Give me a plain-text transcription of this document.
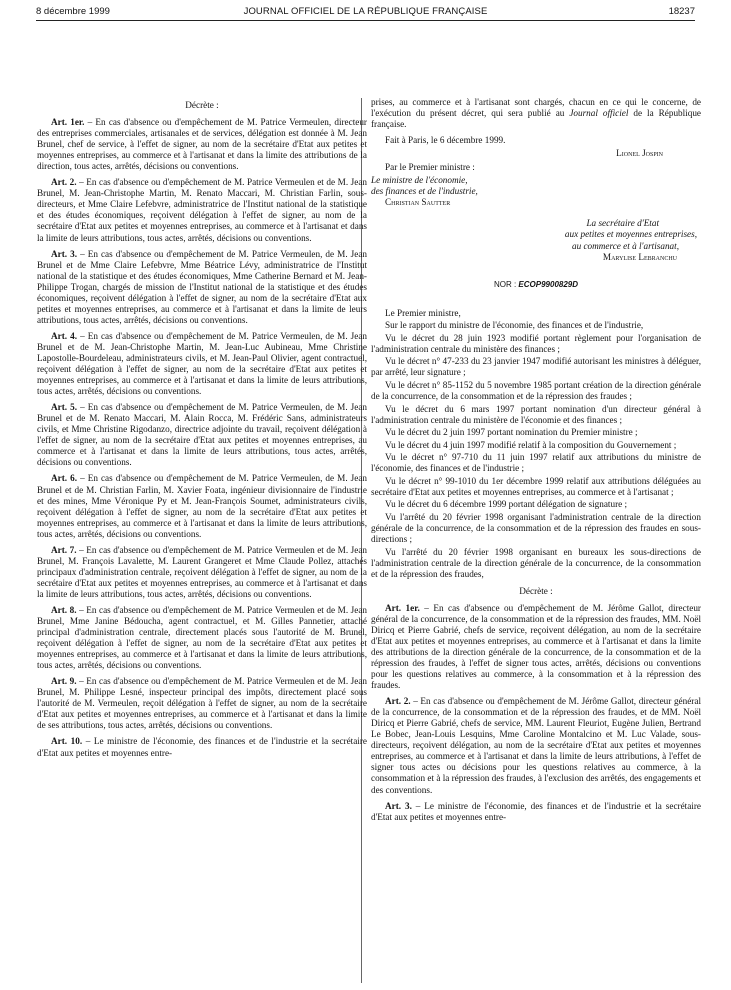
8 décembre 1999	JOURNAL OFFICIEL DE LA RÉPUBLIQUE FRANÇAISE	18237

Décrète :

Art. 1er. – En cas d'absence ou d'empêchement de M. Patrice Vermeulen, directeur des entreprises commerciales, artisanales et de services, délégation est donnée à M. Jean Brunel, chef de service, à l'effet de signer, au nom de la secrétaire d'Etat aux petites et moyennes entreprises, au commerce et à l'artisanat et dans la limite des attributions de la direction, tous actes, arrêtés, décisions ou conventions.

Art. 2. – En cas d'absence ou d'empêchement de M. Patrice Vermeulen et de M. Jean Brunel, M. Jean-Christophe Martin, M. Renato Maccari, M. Christian Farlin, sous-directeurs, et Mme Claire Lefebvre, administratrice de l'Institut national de la statistique et des études économiques, reçoivent délégation à l'effet de signer, au nom de la secrétaire d'Etat aux petites et moyennes entreprises, au commerce et à l'artisanat et dans la limite de leurs attributions, tous actes, arrêtés, décisions ou conventions.

Art. 3. – En cas d'absence ou d'empêchement de M. Patrice Vermeulen, de M. Jean Brunel et de Mme Claire Lefebvre, Mme Béatrice Lévy, administratrice de l'Institut national de la statistique et des études économiques, Mme Catherine Bernard et M. Jean-Philippe Trogan, chargés de mission de l'Institut national de la statistique et des études économiques, reçoivent délégation à l'effet de signer, au nom de la secrétaire d'Etat aux petites et moyennes entreprises, au commerce et à l'artisanat et dans la limite de leurs attributions, tous actes, arrêtés, décisions ou conventions.

Art. 4. – En cas d'absence ou d'empêchement de M. Patrice Vermeulen, de M. Jean Brunel et de M. Jean-Christophe Martin, M. Jean-Luc Aubineau, Mme Christine Lapostolle-Bourdeleau, administrateurs civils, et M. Jean-Paul Olivier, agent contractuel, reçoivent délégation à l'effet de signer, au nom de la secrétaire d'Etat aux petites et moyennes entreprises, au commerce et à l'artisanat et dans la limite de leurs attributions, tous actes, arrêtés, décisions ou conventions.

Art. 5. – En cas d'absence ou d'empêchement de M. Patrice Vermeulen, de M. Jean Brunel et de M. Renato Maccari, M. Alain Rocca, M. Frédéric Sans, administrateurs civils, et Mme Christine Rigodanzo, directrice adjointe du travail, reçoivent délégation à l'effet de signer, au nom de la secrétaire d'Etat aux petites et moyennes entreprises, au commerce et à l'artisanat et dans la limite de leurs attributions, tous actes, arrêtés, décisions ou conventions.

Art. 6. – En cas d'absence ou d'empêchement de M. Patrice Vermeulen, de M. Jean Brunel et de M. Christian Farlin, M. Xavier Foata, ingénieur divisionnaire de l'industrie et des mines, Mme Véronique Py et M. Jean-François Soumet, administrateurs civils, reçoivent délégation à l'effet de signer, au nom de la secrétaire d'Etat aux petites et moyennes entreprises, au commerce et à l'artisanat et dans la limite de leurs attributions, tous actes, arrêtés, décisions ou conventions.

Art. 7. – En cas d'absence ou d'empêchement de M. Patrice Vermeulen et de M. Jean Brunel, M. François Lavalette, M. Laurent Grangeret et Mme Claude Pollez, attachés principaux d'administration centrale, reçoivent délégation à l'effet de signer, au nom de la secrétaire d'Etat aux petites et moyennes entreprises, au commerce et à l'artisanat et dans la limite de leurs attributions, tous actes, arrêtés, décisions ou conventions.

Art. 8. – En cas d'absence ou d'empêchement de M. Patrice Vermeulen et de M. Jean Brunel, Mme Janine Bédoucha, agent contractuel, et M. Gilles Pannetier, attaché principal d'administration centrale, directement placés sous l'autorité de M. Brunel, reçoivent délégation à l'effet de signer, au nom de la secrétaire d'Etat aux petites et moyennes entreprises, au commerce et à l'artisanat et dans la limite de leurs attributions, tous actes, arrêtés, décisions ou conventions.

Art. 9. – En cas d'absence ou d'empêchement de M. Patrice Vermeulen et de M. Jean Brunel, M. Philippe Lesné, inspecteur principal des impôts, directement placé sous l'autorité de M. Vermeulen, reçoit délégation à l'effet de signer, au nom de la secrétaire d'Etat aux petites et moyennes entreprises, au commerce et à l'artisanat et dans la limite de ses attributions, tous actes, arrêtés, décisions ou conventions.

Art. 10. – Le ministre de l'économie, des finances et de l'industrie et la secrétaire d'Etat aux petites et moyennes entre-

prises, au commerce et à l'artisanat sont chargés, chacun en ce qui le concerne, de l'exécution du présent décret, qui sera publié au Journal officiel de la République française.

Fait à Paris, le 6 décembre 1999.

Lionel Jospin

Par le Premier ministre :

Le ministre de l'économie,

des finances et de l'industrie,

Christian Sautter

La secrétaire d'Etat

aux petites et moyennes entreprises,

au commerce et à l'artisanat,

Marylise Lebranchu

NOR : ECOP9900829D

Le Premier ministre,

Sur le rapport du ministre de l'économie, des finances et de l'industrie,

Vu le décret du 28 juin 1923 modifié portant règlement pour l'organisation de l'administration centrale du ministère des finances ;

Vu le décret n° 47-233 du 23 janvier 1947 modifié autorisant les ministres à déléguer, par arrêté, leur signature ;

Vu le décret n° 85-1152 du 5 novembre 1985 portant création de la direction générale de la concurrence, de la consommation et de la répression des fraudes ;

Vu le décret du 6 mars 1997 portant nomination d'un directeur général à l'administration centrale du ministère de l'économie et des finances ;

Vu le décret du 2 juin 1997 portant nomination du Premier ministre ;

Vu le décret du 4 juin 1997 modifié relatif à la composition du Gouvernement ;

Vu le décret n° 97-710 du 11 juin 1997 relatif aux attributions du ministre de l'économie, des finances et de l'industrie ;

Vu le décret n° 99-1010 du 1er décembre 1999 relatif aux attributions déléguées au secrétaire d'Etat aux petites et moyennes entreprises, au commerce et à l'artisanat ;

Vu le décret du 6 décembre 1999 portant délégation de signature ;

Vu l'arrêté du 20 février 1998 organisant l'administration centrale de la direction générale de la concurrence, de la consommation et de la répression des fraudes en sous-directions ;

Vu l'arrêté du 20 février 1998 organisant en bureaux les sous-directions de l'administration centrale de la direction générale de la concurrence, de la consommation et de la répression des fraudes,

Décrète :

Art. 1er. – En cas d'absence ou d'empêchement de M. Jérôme Gallot, directeur général de la concurrence, de la consommation et de la répression des fraudes, MM. Noël Diricq et Pierre Gabrié, chefs de service, reçoivent délégation, au nom de la secrétaire d'Etat aux petites et moyennes entreprises, au commerce et à l'artisanat et dans la limite des attributions de la direction générale de la concurrence, de la consommation et de la répression des fraudes, à l'effet de signer tous actes, arrêtés, décisions ou conventions pour les questions relatives au commerce, à la consommation et à la répression des fraudes.

Art. 2. – En cas d'absence ou d'empêchement de M. Jérôme Gallot, directeur général de la concurrence, de la consommation et de la répression des fraudes, et de MM. Noël Diricq et Pierre Gabrié, chefs de service, MM. Laurent Fleuriot, Eugène Julien, Bertrand Le Bobec, Jean-Louis Lesquins, Mme Caroline Montalcino et M. Luc Valade, sous-directeurs, reçoivent délégation, au nom de la secrétaire d'Etat aux petites et moyennes entreprises, au commerce et à l'artisanat et dans la limite de leurs attributions, à l'effet de signer tous actes ou décisions pour les questions relatives au commerce, à la consommation et à la répression des fraudes, à l'exclusion des arrêtés, des engagements et des conventions.

Art. 3. – Le ministre de l'économie, des finances et de l'industrie et la secrétaire d'Etat aux petites et moyennes entre-
